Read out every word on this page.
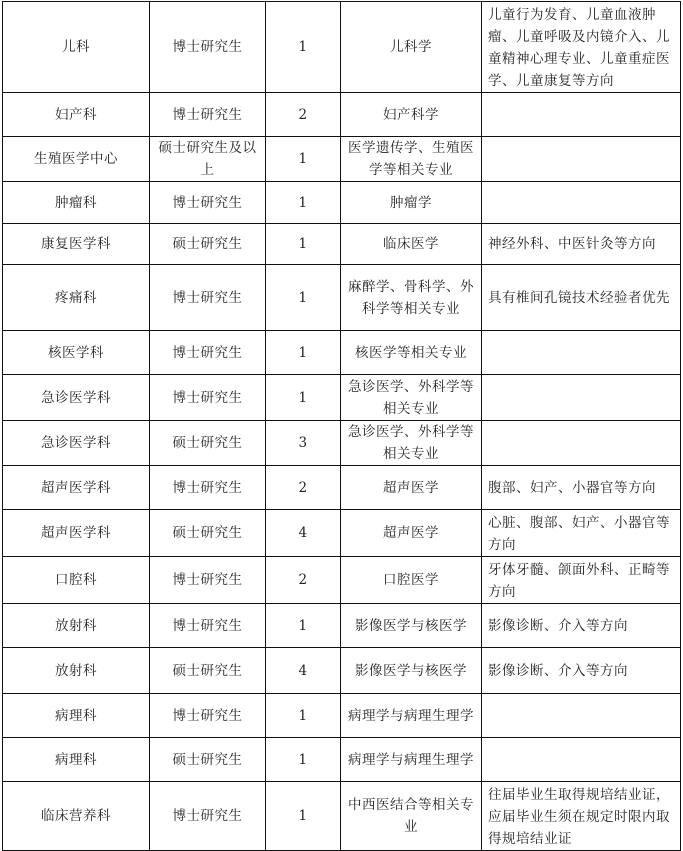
儿科	博士研究生	1	儿科学	儿童行为发育、儿童血液肿瘤、儿童呼吸及内镜介入、儿童精神心理专业、儿童重症医学、儿童康复等方向
妇产科	博士研究生	2	妇产科学	
生殖医学中心	硕士研究生及以上	1	医学遗传学、生殖医学等相关专业	
肿瘤科	博士研究生	1	肿瘤学	
康复医学科	硕士研究生	1	临床医学	神经外科、中医针灸等方向
疼痛科	博士研究生	1	麻醉学、骨科学、外科学等相关专业	具有椎间孔镜技术经验者优先
核医学科	博士研究生	1	核医学等相关专业	
急诊医学科	博士研究生	1	急诊医学、外科学等相关专业	
急诊医学科	硕士研究生	3	急诊医学、外科学等相关专业	
超声医学科	博士研究生	2	超声医学	腹部、妇产、小器官等方向
超声医学科	硕士研究生	4	超声医学	心脏、腹部、妇产、小器官等方向
口腔科	博士研究生	2	口腔医学	牙体牙髓、颌面外科、正畸等方向
放射科	博士研究生	1	影像医学与核医学	影像诊断、介入等方向
放射科	硕士研究生	4	影像医学与核医学	影像诊断、介入等方向
病理科	博士研究生	1	病理学与病理生理学	
病理科	硕士研究生	1	病理学与病理生理学	
临床营养科	博士研究生	1	中西医结合等相关专业	往届毕业生取得规培结业证，应届毕业生须在规定时限内取得规培结业证
